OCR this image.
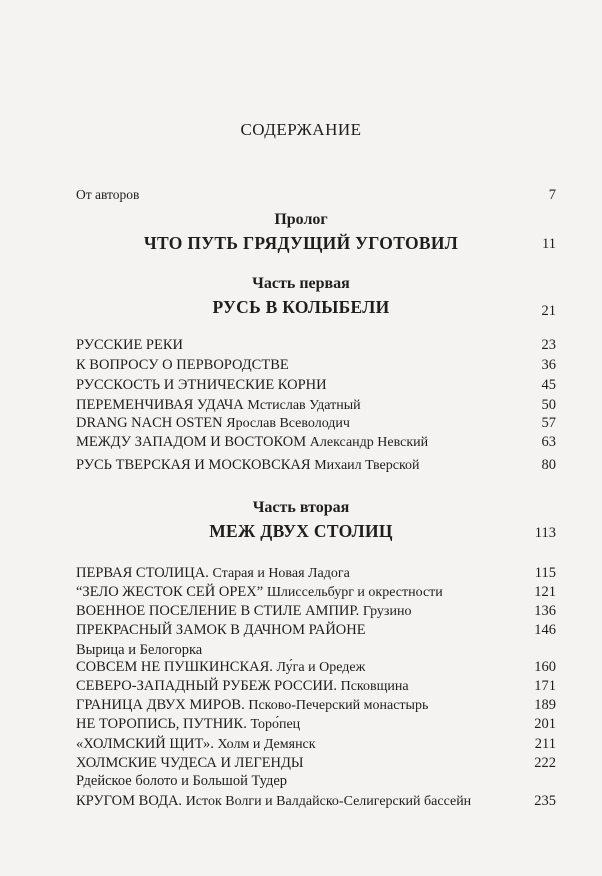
СОДЕРЖАНИЕ
От авторов	7
Пролог
ЧТО ПУТЬ ГРЯДУЩИЙ УГОТОВИЛ	11
Часть первая
РУСЬ В КОЛЫБЕЛИ	21
РУССКИЕ РЕКИ	23
К ВОПРОСУ О ПЕРВОРОДСТВЕ	36
РУССКОСТЬ И ЭТНИЧЕСКИЕ КОРНИ	45
ПЕРЕМЕНЧИВАЯ УДАЧА Мстислав Удатный	50
DRANG NACH OSTEN Ярослав Всеволодич	57
МЕЖДУ ЗАПАДОМ И ВОСТОКОМ Александр Невский	63
РУСЬ ТВЕРСКАЯ И МОСКОВСКАЯ Михаил Тверской	80
Часть вторая
МЕЖ ДВУХ СТОЛИЦ	113
ПЕРВАЯ СТОЛИЦА. Старая и Новая Ладога	115
“ЗЕЛО ЖЕСТОК СЕЙ ОРЕХ” Шлиссельбург и окрестности	121
ВОЕННОЕ ПОСЕЛЕНИЕ В СТИЛЕ АМПИР. Грузино	136
ПРЕКРАСНЫЙ ЗАМОК В ДАЧНОМ РАЙОНЕ	146
Вырица и Белогорка
СОВСЕМ НЕ ПУШКИНСКАЯ. Лу́га и Оредеж	160
СЕВЕРО-ЗАПАДНЫЙ РУБЕЖ РОССИИ. Псковщина	171
ГРАНИЦА ДВУХ МИРОВ. Псково-Печерский монастырь	189
НЕ ТОРОПИСЬ, ПУТНИК. Торо́пец	201
«ХОЛМСКИЙ ЩИТ». Холм и Демянск	211
ХОЛМСКИЕ ЧУДЕСА И ЛЕГЕНДЫ	222
Рдейское болото и Большой Тудер
КРУГОМ ВОДА. Исток Волги и Валдайско-Селигерский бассейн	235
